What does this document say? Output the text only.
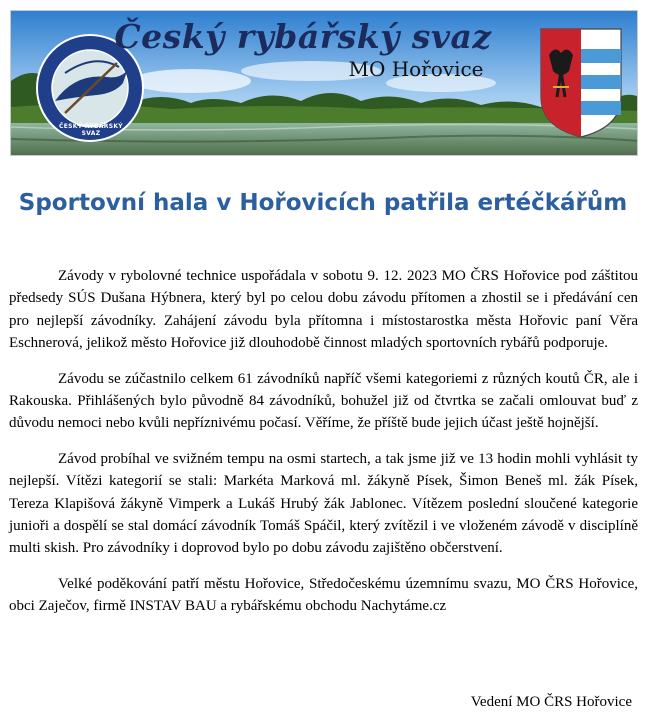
ČESKÝ RYBÁŘSKÝ SVAZ
Český rybářský svaz
MO Hořovice
Sportovní hala v Hořovicích patřila ertéčkářům

Závody v rybolovné technice uspořádala v sobotu 9. 12. 2023 MO ČRS Hořovice pod záštitou předsedy SÚS Dušana Hýbnera, který byl po celou dobu závodu přítomen a zhostil se i předávání cen pro nejlepší závodníky. Zahájení závodu byla přítomna i místostarostka města Hořovic paní Věra Eschnerová, jelikož město Hořovice již dlouhodobě činnost mladých sportovních rybářů podporuje.

Závodu se zúčastnilo celkem 61 závodníků napříč všemi kategoriemi z různých koutů ČR, ale i Rakouska. Přihlášených bylo původně 84 závodníků, bohužel již od čtvrtka se začali omlouvat buď z důvodu nemoci nebo kvůli nepříznivému počasí. Věříme, že příště bude jejich účast ještě hojnější.

Závod probíhal ve svižném tempu na osmi startech, a tak jsme již ve 13 hodin mohli vyhlásit ty nejlepší. Vítězi kategorií se stali: Markéta Marková ml. žákyně Písek, Šimon Beneš ml. žák Písek, Tereza Klapišová žákyně Vimperk a Lukáš Hrubý žák Jablonec. Vítězem poslední sloučené kategorie junioři a dospělí se stal domácí závodník Tomáš Spáčil, který zvítězil i ve vloženém závodě v disciplíně multi skish. Pro závodníky i doprovod bylo po dobu závodu zajištěno občerstvení.

Velké poděkování patří městu Hořovice, Středočeskému územnímu svazu, MO ČRS Hořovice, obci Zaječov, firmě INSTAV BAU a rybářskému obchodu Nachytáme.cz

Vedení MO ČRS Hořovice
